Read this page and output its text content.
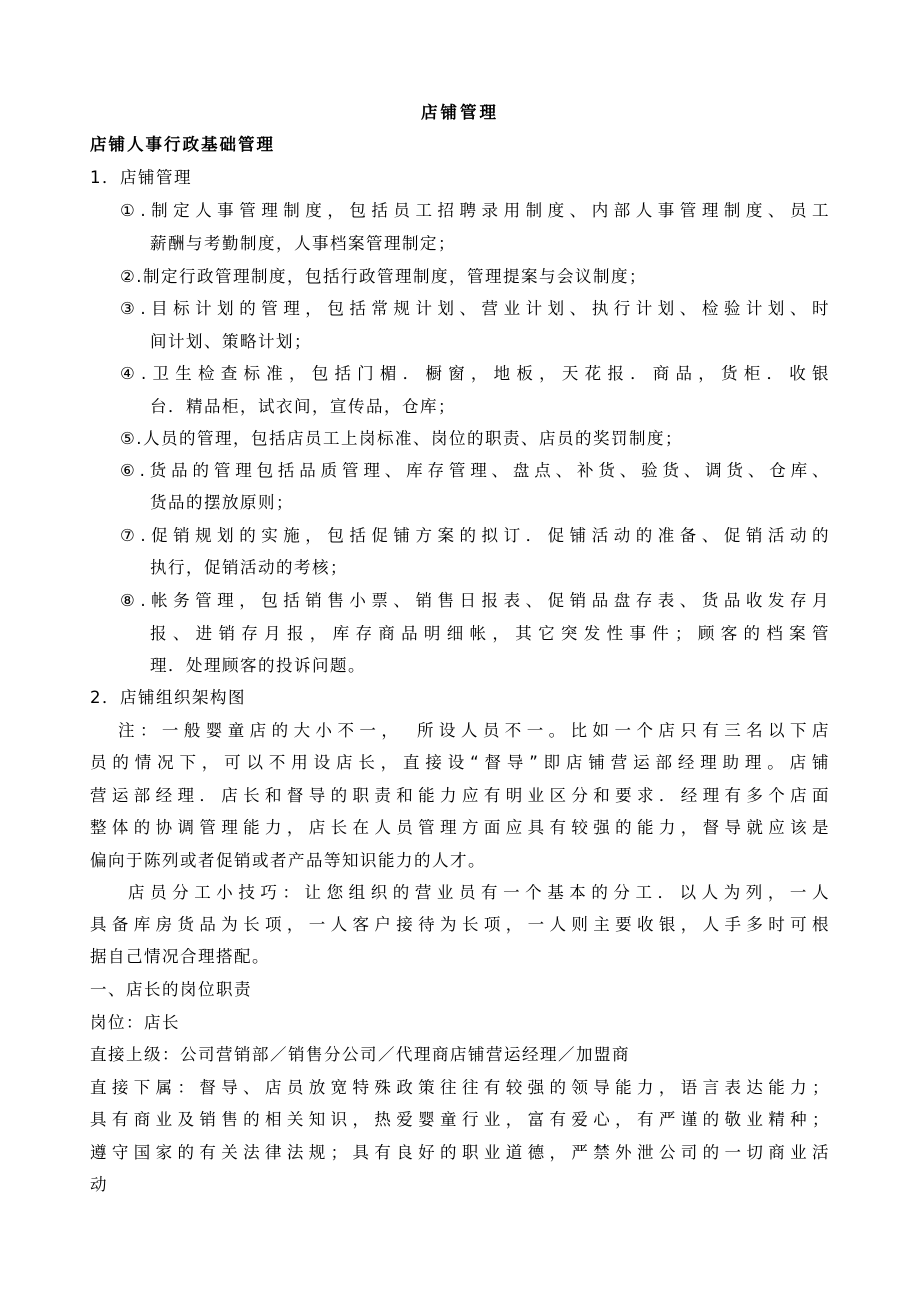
店铺管理
店铺人事行政基础管理
1．店铺管理
①.制定人事管理制度，包括员工招聘录用制度、内部人事管理制度、员工
薪酬与考勤制度，人事档案管理制定；
②.制定行政管理制度，包括行政管理制度，管理提案与会议制度；
③.目标计划的管理，包括常规计划、营业计划、执行计划、检验计划、时
间计划、策略计划；
④.卫生检查标准，包括门楣．橱窗，地板，天花报．商品，货柜．收银
台．精品柜，试衣间，宣传品，仓库；
⑤.人员的管理，包括店员工上岗标准、岗位的职责、店员的奖罚制度；
⑥.货品的管理包括品质管理、库存管理、盘点、补货、验货、调货、仓库、
货品的摆放原则；
⑦.促销规划的实施，包括促铺方案的拟订．促铺活动的准备、促销活动的
执行，促销活动的考核；
⑧.帐务管理，包括销售小票、销售日报表、促销品盘存表、货品收发存月
报、进销存月报，库存商品明细帐，其它突发性事件；顾客的档案管
理．处理顾客的投诉问题。
2．店铺组织架构图
注：一般婴童店的大小不一，　所设人员不一。比如一个店只有三名以下店
员的情况下，可以不用设店长，直接设“督导”即店铺营运部经理助理。店铺
营运部经理．店长和督导的职责和能力应有明业区分和要求．经理有多个店面
整体的协调管理能力，店长在人员管理方面应具有较强的能力，督导就应该是
偏向于陈列或者促销或者产品等知识能力的人才。
店员分工小技巧：让您组织的营业员有一个基本的分工．以人为列，一人
具备库房货品为长项，一人客户接待为长项，一人则主要收银，人手多时可根
据自己情况合理搭配。
一、店长的岗位职责
岗位：店长
直接上级：公司营销部／销售分公司／代理商店铺营运经理／加盟商
直接下属：督导、店员放宽特殊政策往往有较强的领导能力，语言表达能力；
具有商业及销售的相关知识，热爱婴童行业，富有爱心，有严谨的敬业精种；
遵守国家的有关法律法规；具有良好的职业道德，严禁外泄公司的一切商业活
动
